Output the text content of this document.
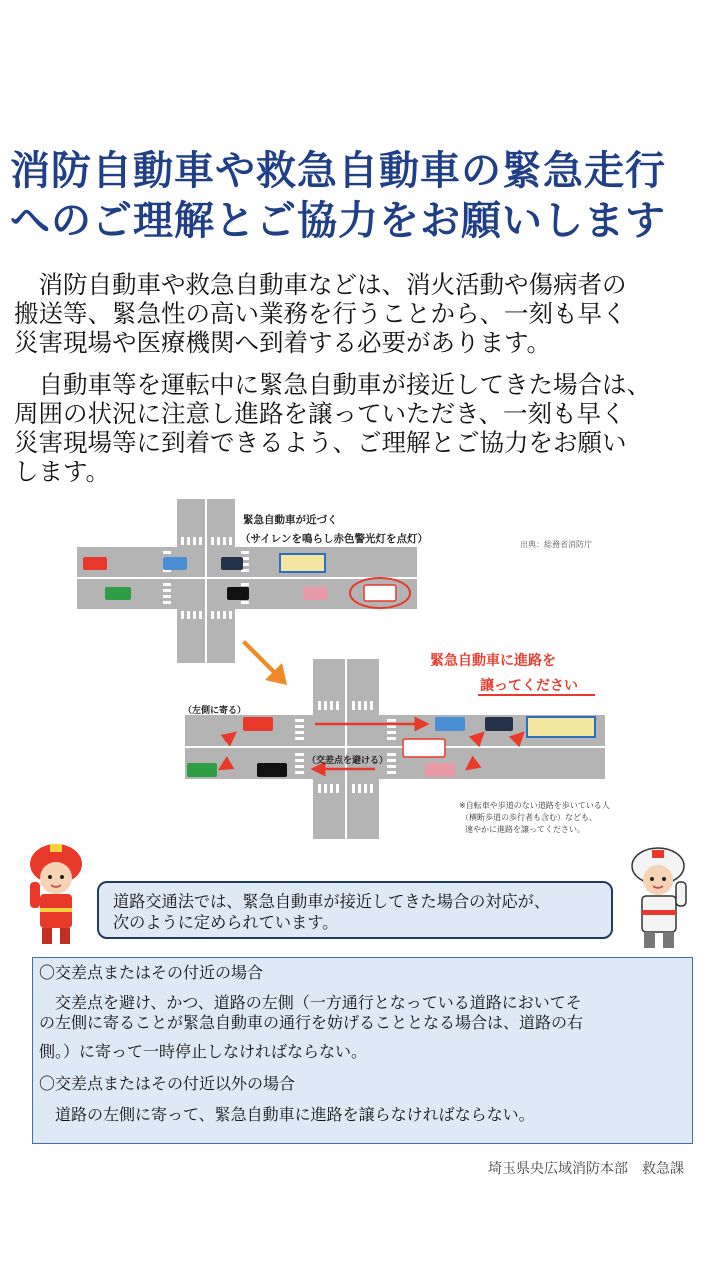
消防自動車や救急自動車の緊急走行
へのご理解とご協力をお願いします
　消防自動車や救急自動車などは、消火活動や傷病者の
搬送等、緊急性の高い業務を行うことから、一刻も早く
災害現場や医療機関へ到着する必要があります。
　自動車等を運転中に緊急自動車が接近してきた場合は、
周囲の状況に注意し進路を譲っていただき、一刻も早く
災害現場等に到着できるよう、ご理解とご協力をお願い
します。
緊急自動車が近づく
（サイレンを鳴らし赤色警光灯を点灯）	出典：総務省消防庁
緊急自動車に進路を
譲ってください
（左側に寄る）
（交差点を避ける）
※自転車や歩道のない道路を歩いている人
（横断歩道の歩行者も含む）なども、
速やかに進路を譲ってください。
道路交通法では、緊急自動車が接近してきた場合の対応が、
次のように定められています。
〇交差点またはその付近の場合
　交差点を避け、かつ、道路の左側（一方通行となっている道路においてそ
の左側に寄ることが緊急自動車の通行を妨げることとなる場合は、道路の右
側。）に寄って一時停止しなければならない。
〇交差点またはその付近以外の場合
　道路の左側に寄って、緊急自動車に進路を譲らなければならない。
埼玉県央広域消防本部　救急課
